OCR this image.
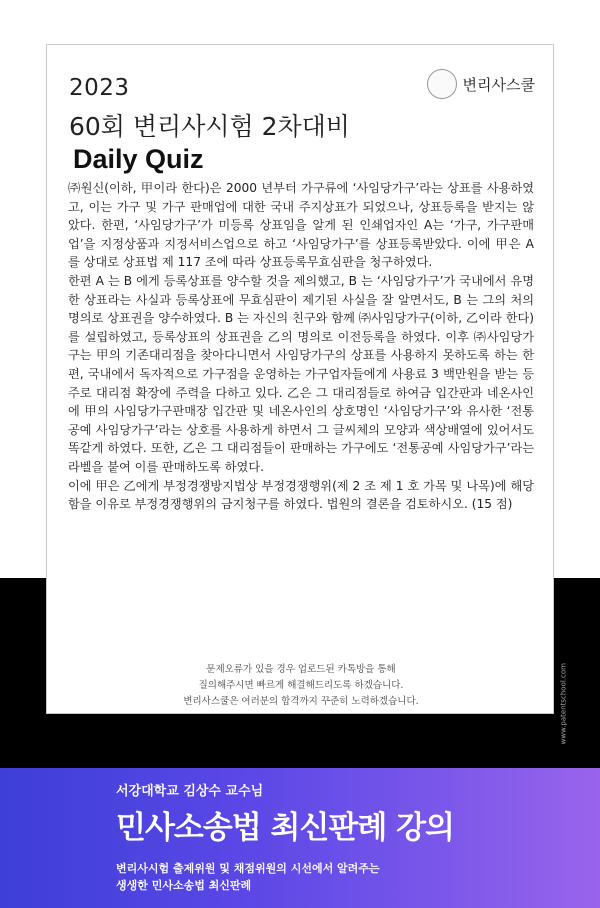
2023
60회 변리사시험 2차대비
Daily Quiz
변리사스쿨

㈜원신(이하, 甲이라 한다)은 2000 년부터 가구류에 ‘사임당가구’라는 상표를 사용하였고, 이는 가구 및 가구 판매업에 대한 국내 주지상표가 되었으나, 상표등록을 받지는 않았다. 한편, ‘사임당가구’가 미등록 상표임을 알게 된 인쇄업자인 A는 ‘가구, 가구판매업’을 지정상품과 지정서비스업으로 하고 ‘사임당가구’를 상표등록받았다. 이에 甲은 A 를 상대로 상표법 제 117 조에 따라 상표등록무효심판을 청구하였다.

한편 A 는 B 에게 등록상표를 양수할 것을 제의했고, B 는 ‘사임당가구’가 국내에서 유명한 상표라는 사실과 등록상표에 무효심판이 제기된 사실을 잘 알면서도, B 는 그의 처의 명의로 상표권을 양수하였다. B 는 자신의 친구와 함께 ㈜사임당가구(이하, 乙이라 한다)를 설립하였고, 등록상표의 상표권을 乙의 명의로 이전등록을 하였다. 이후 ㈜사임당가구는 甲의 기존대리점을 찾아다니면서 사임당가구의 상표를 사용하지 못하도록 하는 한편, 국내에서 독자적으로 가구점을 운영하는 가구업자들에게 사용료 3 백만원을 받는 등 주로 대리점 확장에 주력을 다하고 있다. 乙은 그 대리점들로 하여금 입간판과 네온사인에 甲의 사임당가구판매장 입간판 및 네온사인의 상호명인 ‘사임당가구’와 유사한 ‘전통공예 사임당가구’라는 상호를 사용하게 하면서 그 글씨체의 모양과 색상배열에 있어서도 똑같게 하였다. 또한, 乙은 그 대리점들이 판매하는 가구에도 ‘전통공예 사임당가구’라는 라벨을 붙여 이를 판매하도록 하였다.

이에 甲은 乙에게 부정경쟁방지법상 부정경쟁행위(제 2 조 제 1 호 가목 및 나목)에 해당함을 이유로 부정경쟁행위의 금지청구를 하였다. 법원의 결론을 검토하시오. (15 점)

www.patentschool.com
문제오류가 있을 경우 업로드된 카톡방을 통해
질의해주시면 빠르게 해결해드리도록 하겠습니다.
변리사스쿨은 여러분의 합격까지 꾸준히 노력하겠습니다.
서강대학교 김상수 교수님
민사소송법 최신판례 강의
변리사시험 출제위원 및 채점위원의 시선에서 알려주는
생생한 민사소송법 최신판례
